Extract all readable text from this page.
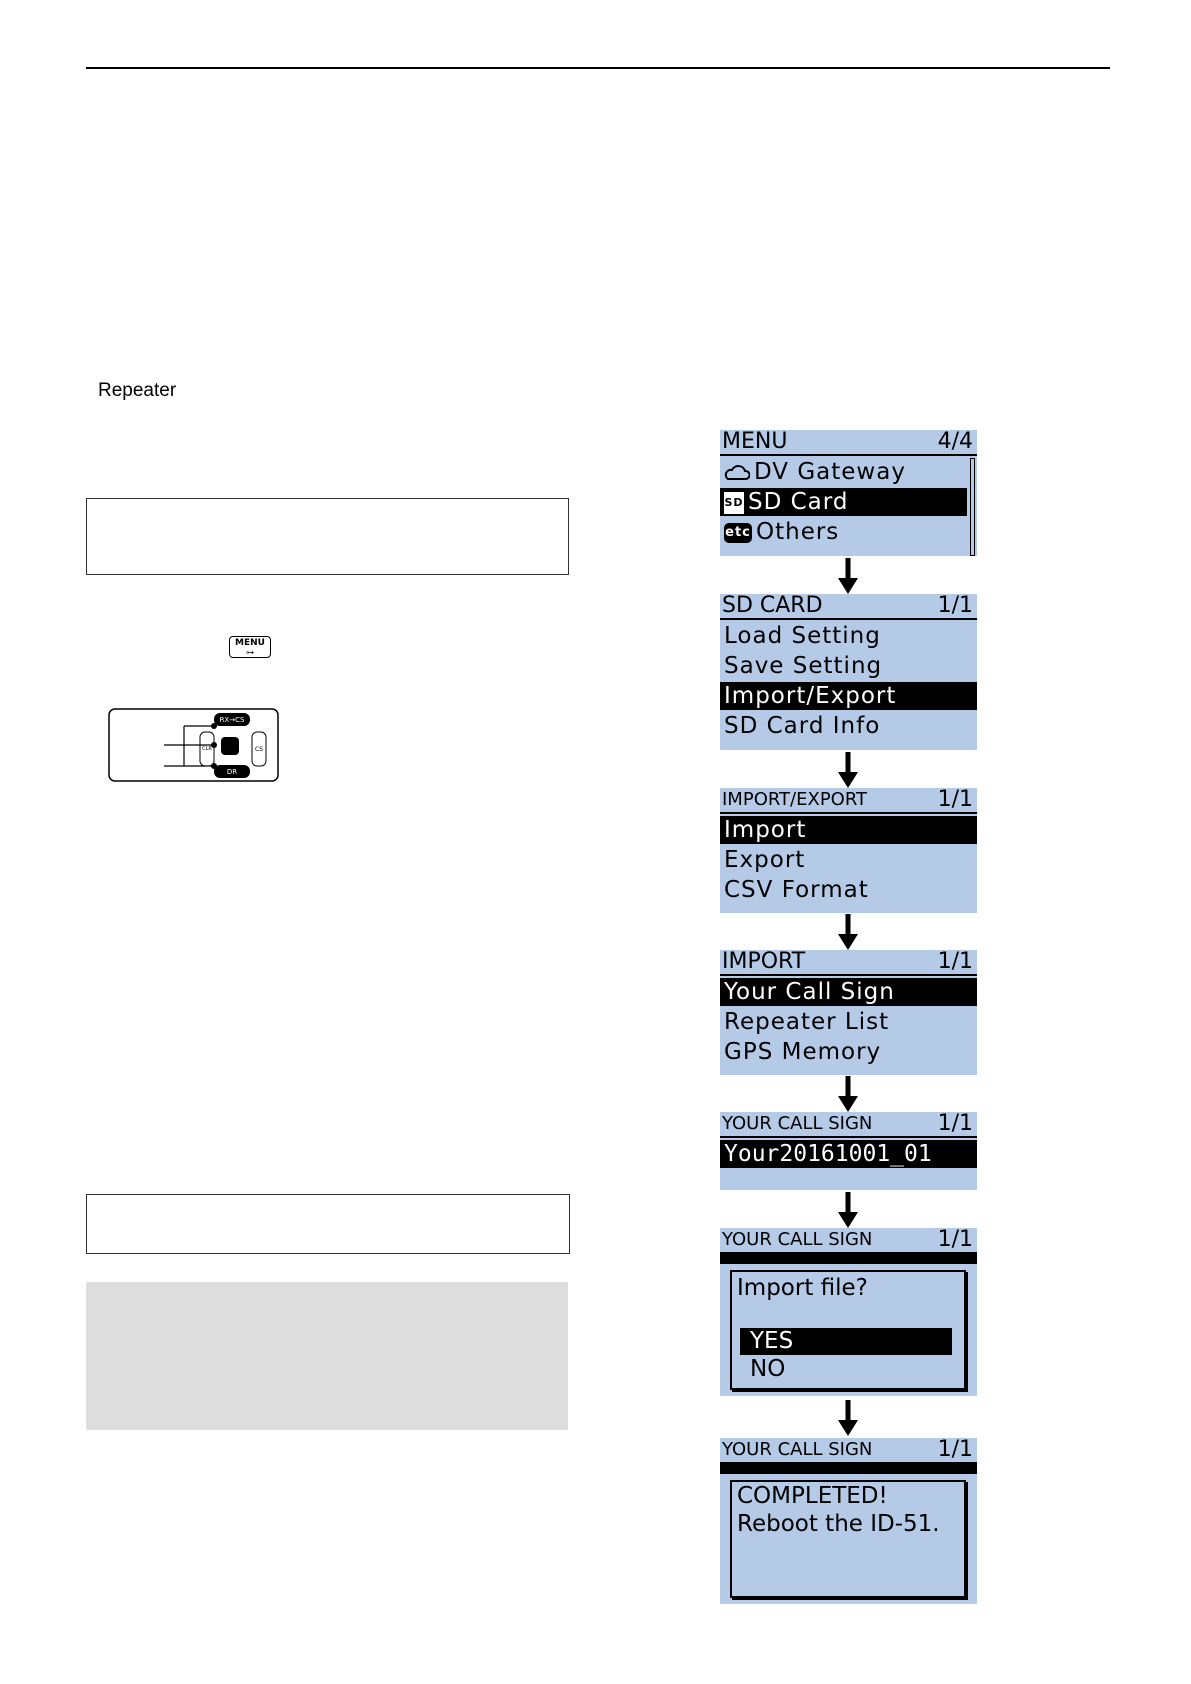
Repeater
MENU
⊶
RX→CS
DR
CLR	CS
MENU	4/4
DV Gateway
SD SD Card
etc Others
SD CARD	1/1
Load Setting
Save Setting
Import/Export
SD Card Info
IMPORT/EXPORT	1/1
Import
Export
CSV Format
IMPORT	1/1
Your Call Sign
Repeater List
GPS Memory
YOUR CALL SIGN	1/1
Your20161001_01
YOUR CALL SIGN	1/1
Import file?
YES
NO
YOUR CALL SIGN	1/1
COMPLETED!
Reboot the ID-51.
